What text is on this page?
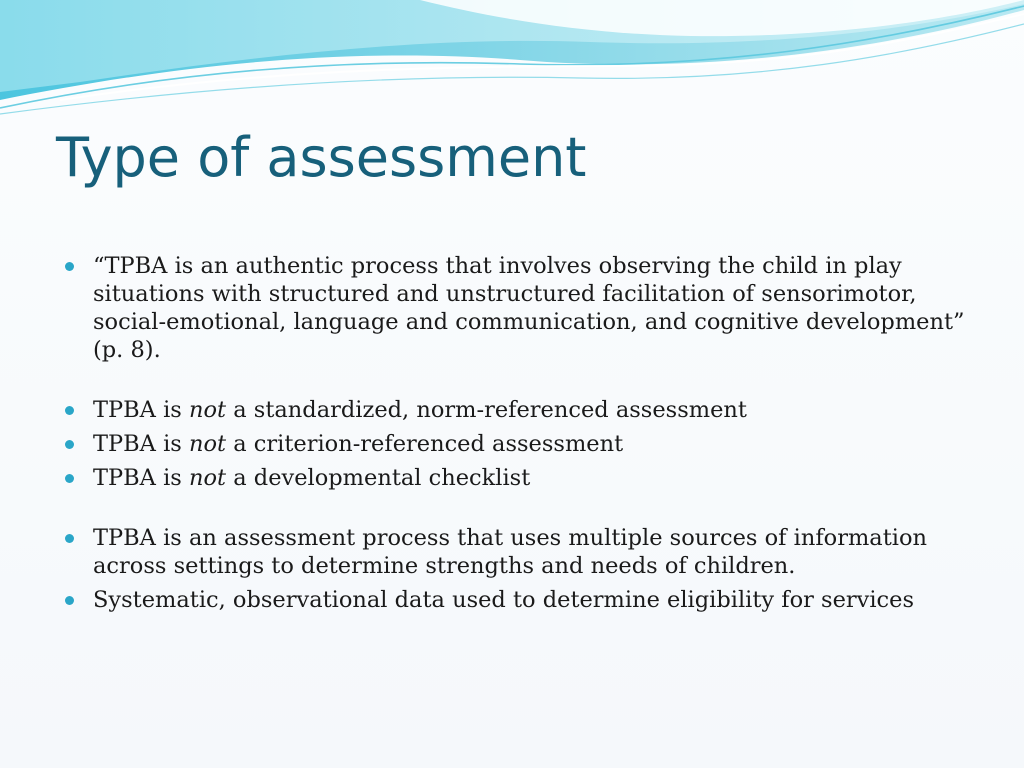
Type of assessment
“TPBA is an authentic process that involves observing the child in play situations with structured and unstructured facilitation of sensorimotor, social-emotional, language and communication, and cognitive development” (p. 8).
TPBA is not a standardized, norm-referenced assessment
TPBA is not a criterion-referenced assessment
TPBA is not a developmental checklist
TPBA is an assessment process that uses multiple sources of information across settings to determine strengths and needs of children.
Systematic, observational data used to determine eligibility for services
